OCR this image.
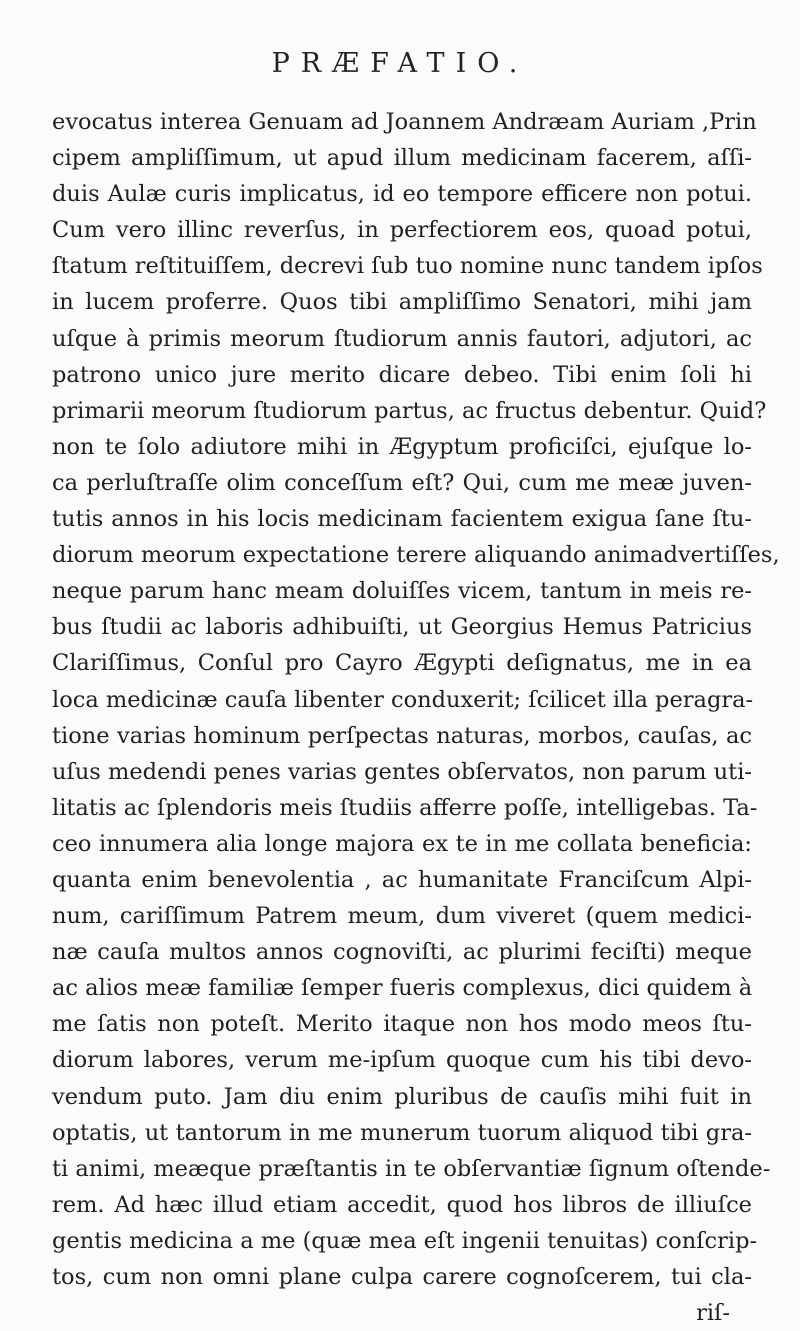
PRÆFATIO.
evocatus interea Genuam ad Joannem Andræam Auriam ,Prin
cipem ampliſſimum, ut apud illum medicinam facerem, aſſi-
duis Aulæ curis implicatus, id eo tempore efficere non potui.
Cum vero illinc reverſus, in perfectiorem eos, quoad potui,
ſtatum reſtituiſſem, decrevi ſub tuo nomine nunc tandem ipſos
in lucem proferre. Quos tibi ampliſſimo Senatori, mihi jam
uſque à primis meorum ſtudiorum annis fautori, adjutori, ac
patrono unico jure merito dicare debeo. Tibi enim ſoli hi
primarii meorum ſtudiorum partus, ac fructus debentur. Quid?
non te ſolo adiutore mihi in Ægyptum proficiſci, ejuſque lo-
ca perluſtraſſe olim conceſſum eſt? Qui, cum me meæ juven-
tutis annos in his locis medicinam facientem exigua ſane ſtu-
diorum meorum expectatione terere aliquando animadvertiſſes,
neque parum hanc meam doluiſſes vicem, tantum in meis re-
bus ſtudii ac laboris adhibuiſti, ut Georgius Hemus Patricius
Clariſſimus, Conſul pro Cayro Ægypti deſignatus, me in ea
loca medicinæ cauſa libenter conduxerit; ſcilicet illa peragra-
tione varias hominum perſpectas naturas, morbos, cauſas, ac
uſus medendi penes varias gentes obſervatos, non parum uti-
litatis ac ſplendoris meis ſtudiis afferre poſſe, intelligebas. Ta-
ceo innumera alia longe majora ex te in me collata beneficia:
quanta enim benevolentia , ac humanitate Franciſcum Alpi-
num, cariſſimum Patrem meum, dum viveret (quem medici-
næ cauſa multos annos cognoviſti, ac plurimi feciſti) meque
ac alios meæ familiæ ſemper fueris complexus, dici quidem à
me ſatis non poteſt. Merito itaque non hos modo meos ſtu-
diorum labores, verum me-ipſum quoque cum his tibi devo-
vendum puto. Jam diu enim pluribus de cauſis mihi fuit in
optatis, ut tantorum in me munerum tuorum aliquod tibi gra-
ti animi, meæque præſtantis in te obſervantiæ ſignum oſtende-
rem. Ad hæc illud etiam accedit, quod hos libros de illiuſce
gentis medicina a me (quæ mea eſt ingenii tenuitas) conſcrip-
tos, cum non omni plane culpa carere cognoſcerem, tui cla-
riſ-
